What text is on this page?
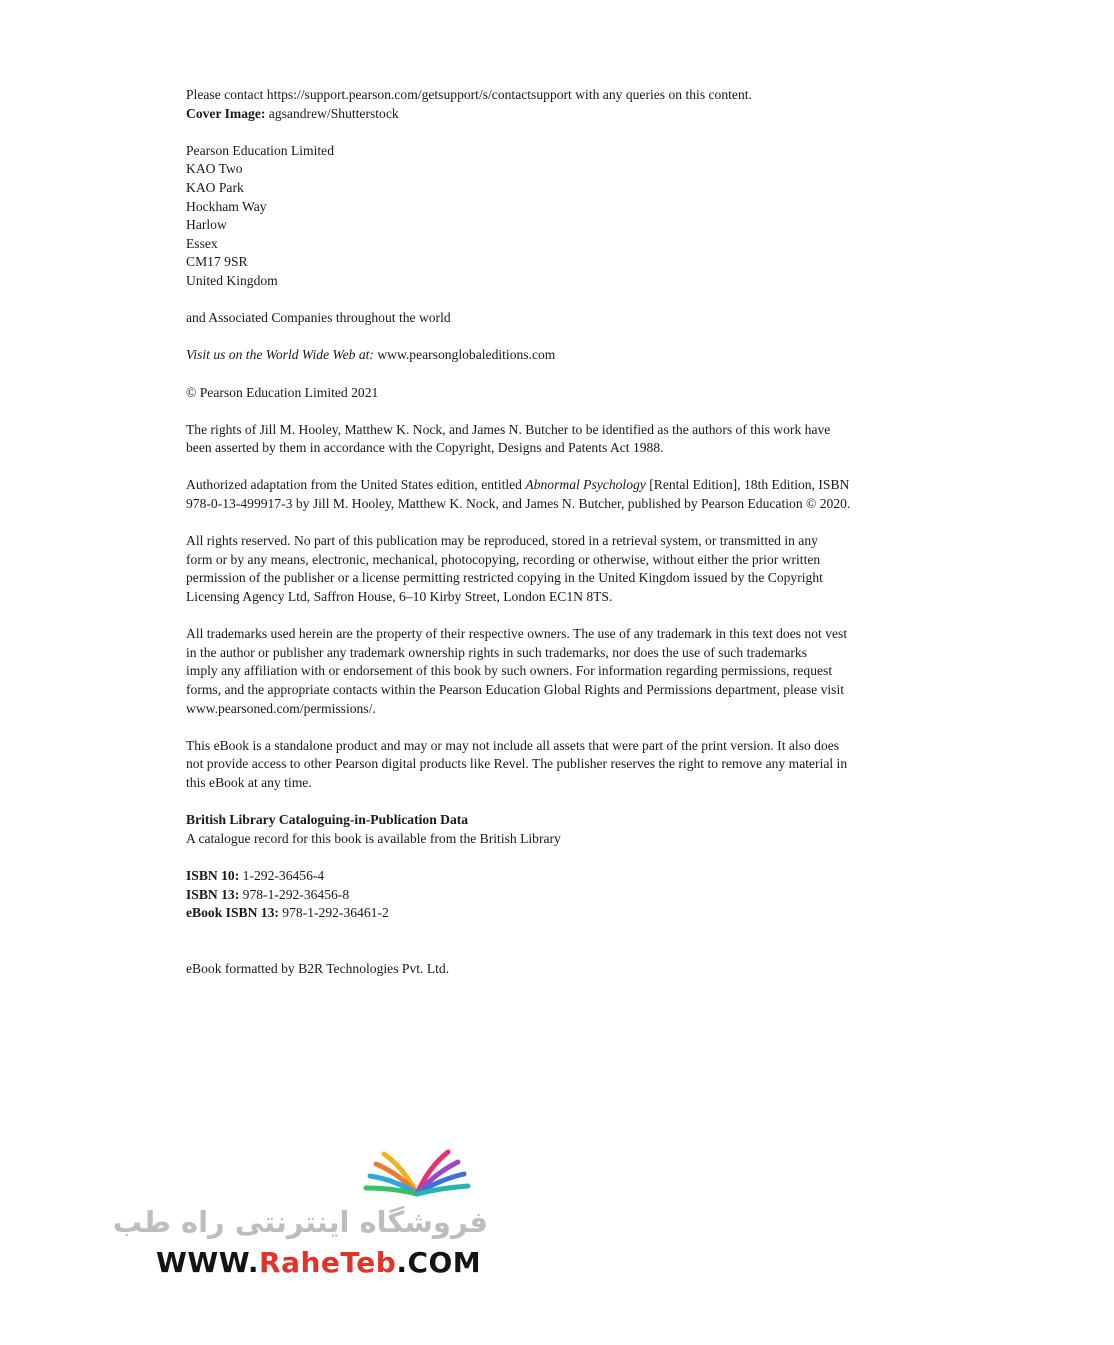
Please contact https://support.pearson.com/getsupport/s/contactsupport with any queries on this content.

Cover Image: agsandrew/Shutterstock

Pearson Education Limited

KAO Two

KAO Park

Hockham Way

Harlow

Essex

CM17 9SR

United Kingdom

and Associated Companies throughout the world

Visit us on the World Wide Web at: www.pearsonglobaleditions.com

© Pearson Education Limited 2021

The rights of Jill M. Hooley, Matthew K. Nock, and James N. Butcher to be identified as the authors of this work have

been asserted by them in accordance with the Copyright, Designs and Patents Act 1988.

Authorized adaptation from the United States edition, entitled Abnormal Psychology [Rental Edition], 18th Edition, ISBN

978-0-13-499917-3 by Jill M. Hooley, Matthew K. Nock, and James N. Butcher, published by Pearson Education © 2020.

All rights reserved. No part of this publication may be reproduced, stored in a retrieval system, or transmitted in any

form or by any means, electronic, mechanical, photocopying, recording or otherwise, without either the prior written

permission of the publisher or a license permitting restricted copying in the United Kingdom issued by the Copyright

Licensing Agency Ltd, Saffron House, 6–10 Kirby Street, London EC1N 8TS.

All trademarks used herein are the property of their respective owners. The use of any trademark in this text does not vest

in the author or publisher any trademark ownership rights in such trademarks, nor does the use of such trademarks

imply any affiliation with or endorsement of this book by such owners. For information regarding permissions, request

forms, and the appropriate contacts within the Pearson Education Global Rights and Permissions department, please visit

www.pearsoned.com/permissions/.

This eBook is a standalone product and may or may not include all assets that were part of the print version. It also does

not provide access to other Pearson digital products like Revel. The publisher reserves the right to remove any material in

this eBook at any time.

British Library Cataloguing-in-Publication Data

A catalogue record for this book is available from the British Library

ISBN 10: 1-292-36456-4

ISBN 13: 978-1-292-36456-8

eBook ISBN 13: 978-1-292-36461-2

eBook formatted by B2R Technologies Pvt. Ltd.

فروشگاه اینترنتی راه طب
WWW.RaheTeb.COM
